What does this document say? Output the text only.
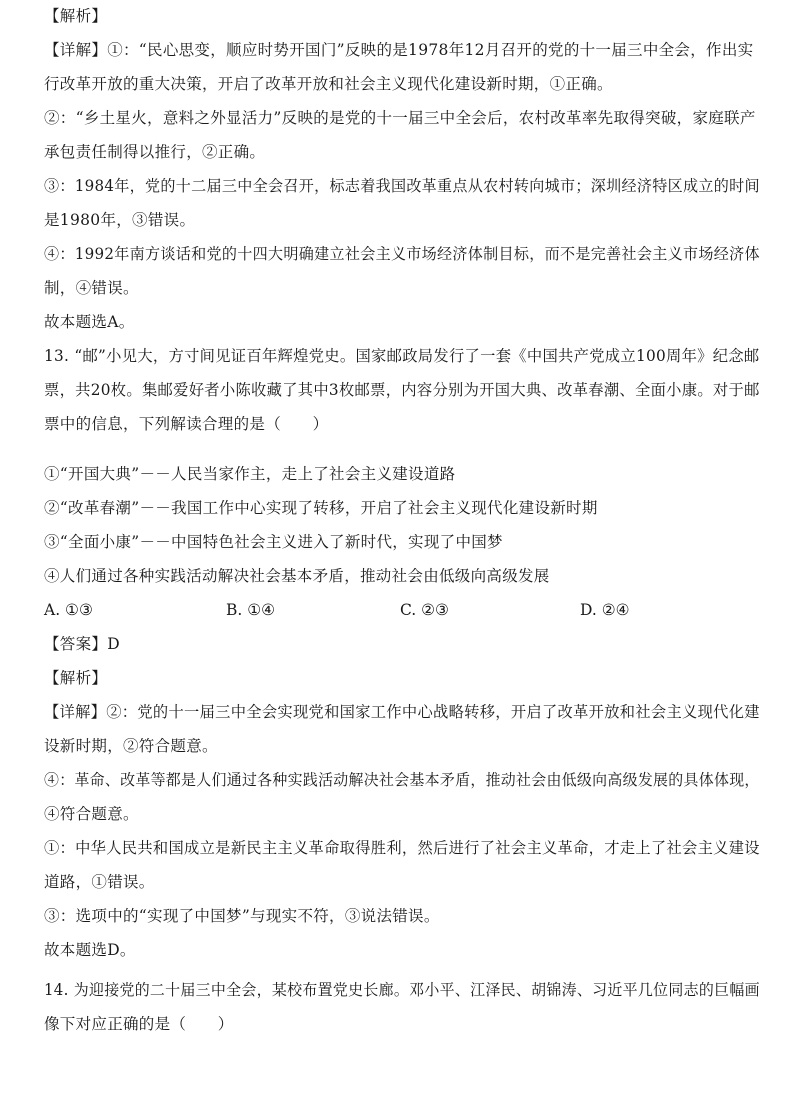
【解析】
【详解】①：“民心思变，顺应时势开国门”反映的是1978年12月召开的党的十一届三中全会，作出实
行改革开放的重大决策，开启了改革开放和社会主义现代化建设新时期，①正确。
②：“乡土星火，意料之外显活力”反映的是党的十一届三中全会后，农村改革率先取得突破，家庭联产
承包责任制得以推行，②正确。
③：1984年，党的十二届三中全会召开，标志着我国改革重点从农村转向城市；深圳经济特区成立的时间
是1980年，③错误。
④：1992年南方谈话和党的十四大明确建立社会主义市场经济体制目标，而不是完善社会主义市场经济体
制，④错误。
故本题选A。
13. “邮”小见大，方寸间见证百年辉煌党史。国家邮政局发行了一套《中国共产党成立100周年》纪念邮
票，共20枚。集邮爱好者小陈收藏了其中3枚邮票，内容分别为开国大典、改革春潮、全面小康。对于邮
票中的信息，下列解读合理的是（　　）
①“开国大典”－－人民当家作主，走上了社会主义建设道路
②“改革春潮”－－我国工作中心实现了转移，开启了社会主义现代化建设新时期
③“全面小康”－－中国特色社会主义进入了新时代，实现了中国梦
④人们通过各种实践活动解决社会基本矛盾，推动社会由低级向高级发展
A. ①③	B. ①④	C. ②③	D. ②④
【答案】D
【解析】
【详解】②：党的十一届三中全会实现党和国家工作中心战略转移，开启了改革开放和社会主义现代化建
设新时期，②符合题意。
④：革命、改革等都是人们通过各种实践活动解决社会基本矛盾，推动社会由低级向高级发展的具体体现，
④符合题意。
①：中华人民共和国成立是新民主主义革命取得胜利，然后进行了社会主义革命，才走上了社会主义建设
道路，①错误。
③：选项中的“实现了中国梦”与现实不符，③说法错误。
故本题选D。
14. 为迎接党的二十届三中全会，某校布置党史长廊。邓小平、江泽民、胡锦涛、习近平几位同志的巨幅画
像下对应正确的是（　　）
